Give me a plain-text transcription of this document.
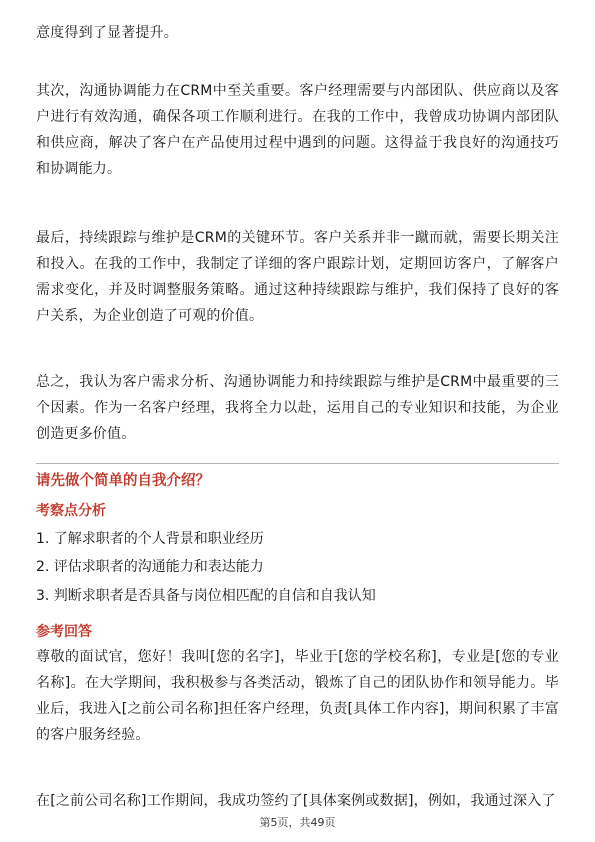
意度得到了显著提升。

其次，沟通协调能力在CRM中至关重要。客户经理需要与内部团队、供应商以及客户进行有效沟通，确保各项工作顺利进行。在我的工作中，我曾成功协调内部团队和供应商，解决了客户在产品使用过程中遇到的问题。这得益于我良好的沟通技巧和协调能力。

最后，持续跟踪与维护是CRM的关键环节。客户关系并非一蹴而就，需要长期关注和投入。在我的工作中，我制定了详细的客户跟踪计划，定期回访客户，了解客户需求变化，并及时调整服务策略。通过这种持续跟踪与维护，我们保持了良好的客户关系，为企业创造了可观的价值。

总之，我认为客户需求分析、沟通协调能力和持续跟踪与维护是CRM中最重要的三个因素。作为一名客户经理，我将全力以赴，运用自己的专业知识和技能，为企业创造更多价值。

请先做个简单的自我介绍？

考察点分析

1. 了解求职者的个人背景和职业经历

2. 评估求职者的沟通能力和表达能力

3. 判断求职者是否具备与岗位相匹配的自信和自我认知

参考回答

尊敬的面试官，您好！我叫[您的名字]，毕业于[您的学校名称]，专业是[您的专业名称]。在大学期间，我积极参与各类活动，锻炼了自己的团队协作和领导能力。毕业后，我进入[之前公司名称]担任客户经理，负责[具体工作内容]，期间积累了丰富的客户服务经验。

在[之前公司名称]工作期间，我成功签约了[具体案例或数据]，例如，我通过深入了

第5页，共49页
